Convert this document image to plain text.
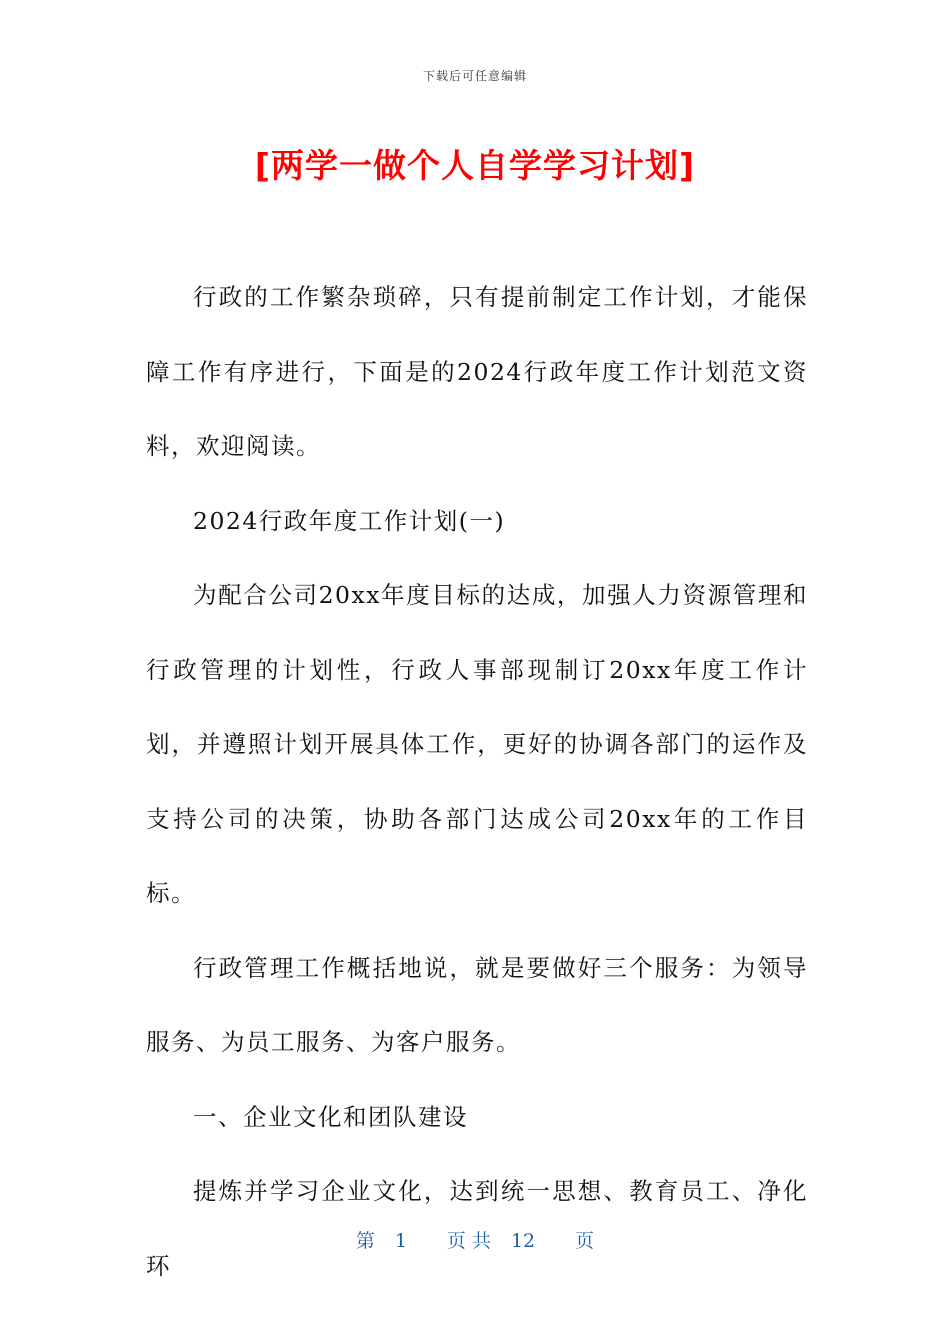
下载后可任意编辑
[两学一做个人自学学习计划]

行政的工作繁杂琐碎，只有提前制定工作计划，才能保障工作有序进行，下面是的2024行政年度工作计划范文资料，欢迎阅读。

2024行政年度工作计划(一)

为配合公司20xx年度目标的达成，加强人力资源管理和行政管理的计划性，行政人事部现制订20xx年度工作计划，并遵照计划开展具体工作，更好的协调各部门的运作及支持公司的决策，协助各部门达成公司20xx年的工作目标。

行政管理工作概括地说，就是要做好三个服务：为领导服务、为员工服务、为客户服务。

一、企业文化和团队建设

提炼并学习企业文化，达到统一思想、教育员工、净化环

第 1 页 共 12 页
